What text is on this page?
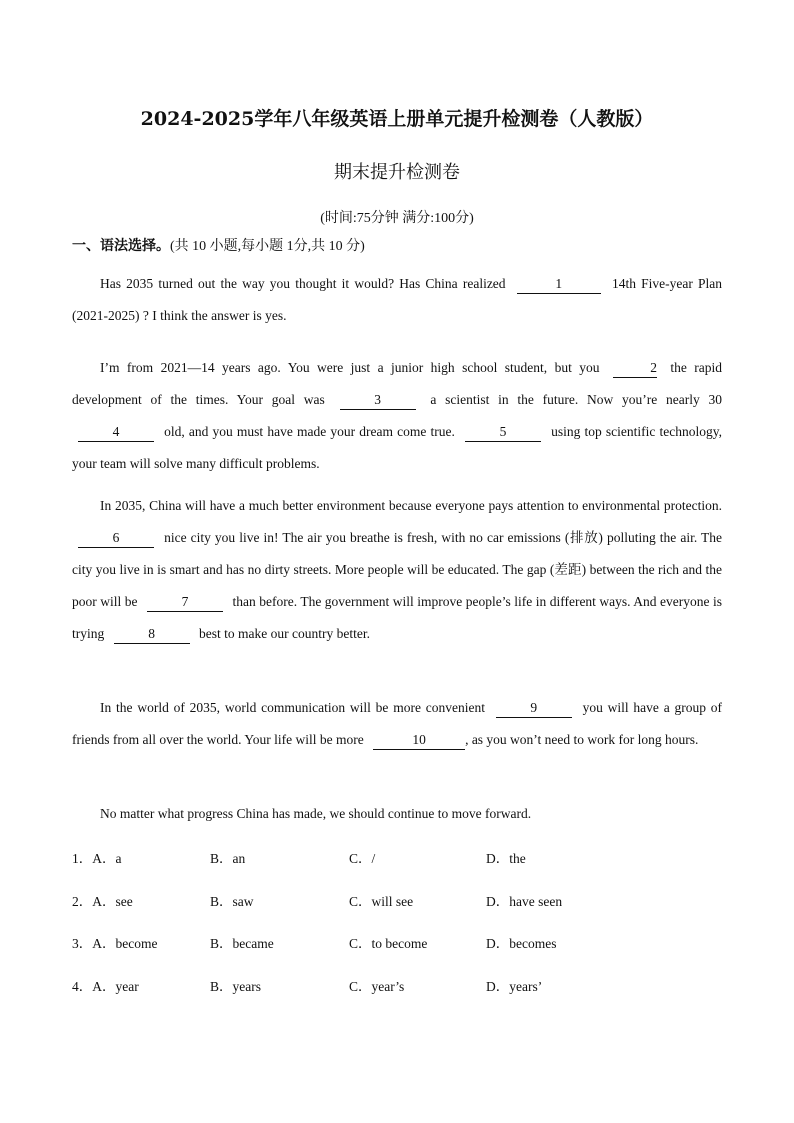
2024-2025学年八年级英语上册单元提升检测卷（人教版）
期末提升检测卷
(时间:75分钟 满分:100分)
一、语法选择。(共 10 小题,每小题 1分,共 10 分)
Has 2035 turned out the way you thought it would? Has China realized	1	14th Five-year Plan (2021-2025) ? I think the answer is yes.
I’m from 2021—14 years ago. You were just a junior high school student, but you	2 the rapid development of the times. Your goal was	3	a scientist in the future. Now you’re nearly 30 4	old, and you must have made your dream come true.	5	using top scientific technology, your team will solve many difficult problems.
In 2035, China will have a much better environment because everyone pays attention to environmental protection. 6	nice city you live in! The air you breathe is fresh, with no car emissions (排放) polluting the air. The city you live in is smart and has no dirty streets. More people will be educated. The gap (差距) between the rich and the poor will be	7	than before. The government will improve people’s life in different ways. And everyone is trying	8	best to make our country better.
In the world of 2035, world communication will be more convenient	9	you will have a group of friends from all over the world. Your life will be more	10	, as you won’t need to work for long hours.
No matter what progress China has made, we should continue to move forward.
1．A．a	B．an	C．/	D．the
2．A．see	B．saw	C．will see	D．have seen
3．A．become	B．became	C．to become	D．becomes
4．A．year	B．years	C．year’s	D．years’
